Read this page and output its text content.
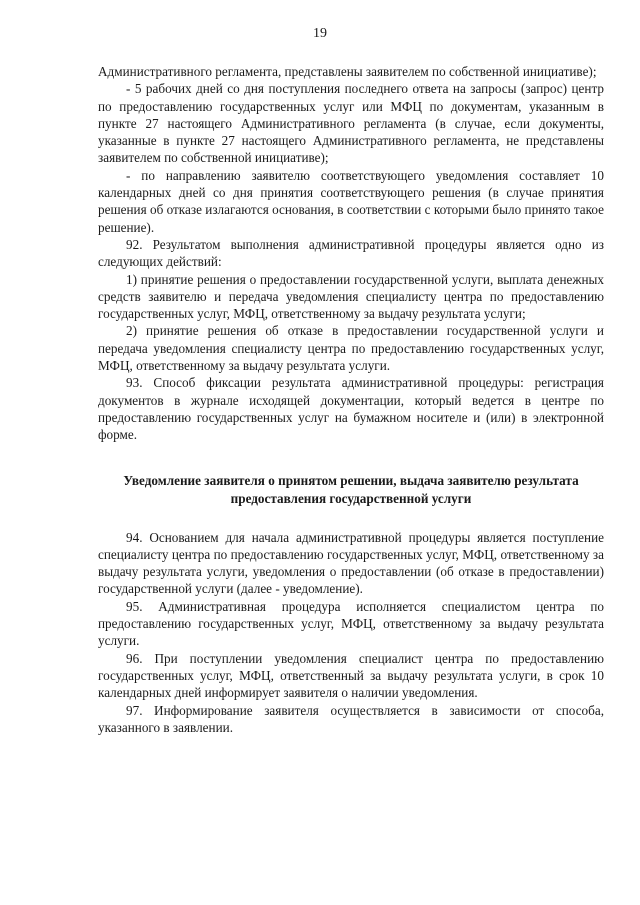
19

Административного регламента, представлены заявителем по собственной инициативе);

- 5 рабочих дней со дня поступления последнего ответа на запросы (запрос) центр по предоставлению государственных услуг или МФЦ по документам, указанным в пункте 27 настоящего Административного регламента (в случае, если документы, указанные в пункте 27 настоящего Административного регламента, не представлены заявителем по собственной инициативе);

- по направлению заявителю соответствующего уведомления составляет 10 календарных дней со дня принятия соответствующего решения (в случае принятия решения об отказе излагаются основания, в соответствии с которыми было принято такое решение).

92. Результатом выполнения административной процедуры является одно из следующих действий:

1) принятие решения о предоставлении государственной услуги, выплата денежных средств заявителю и передача уведомления специалисту центра по предоставлению государственных услуг, МФЦ, ответственному за выдачу результата услуги;

2) принятие решения об отказе в предоставлении государственной услуги и передача уведомления специалисту центра по предоставлению государственных услуг, МФЦ, ответственному за выдачу результата услуги.

93. Способ фиксации результата административной процедуры: регистрация документов в журнале исходящей документации, который ведется в центре по предоставлению государственных услуг на бумажном носителе и (или) в электронной форме.

Уведомление заявителя о принятом решении, выдача заявителю результата предоставления государственной услуги

94. Основанием для начала административной процедуры является поступление специалисту центра по предоставлению государственных услуг, МФЦ, ответственному за выдачу результата услуги, уведомления о предоставлении (об отказе в предоставлении) государственной услуги (далее - уведомление).

95. Административная процедура исполняется специалистом центра по предоставлению государственных услуг, МФЦ, ответственному за выдачу результата услуги.

96. При поступлении уведомления специалист центра по предоставлению государственных услуг, МФЦ, ответственный за выдачу результата услуги, в срок 10 календарных дней информирует заявителя о наличии уведомления.

97. Информирование заявителя осуществляется в зависимости от способа, указанного в заявлении.
